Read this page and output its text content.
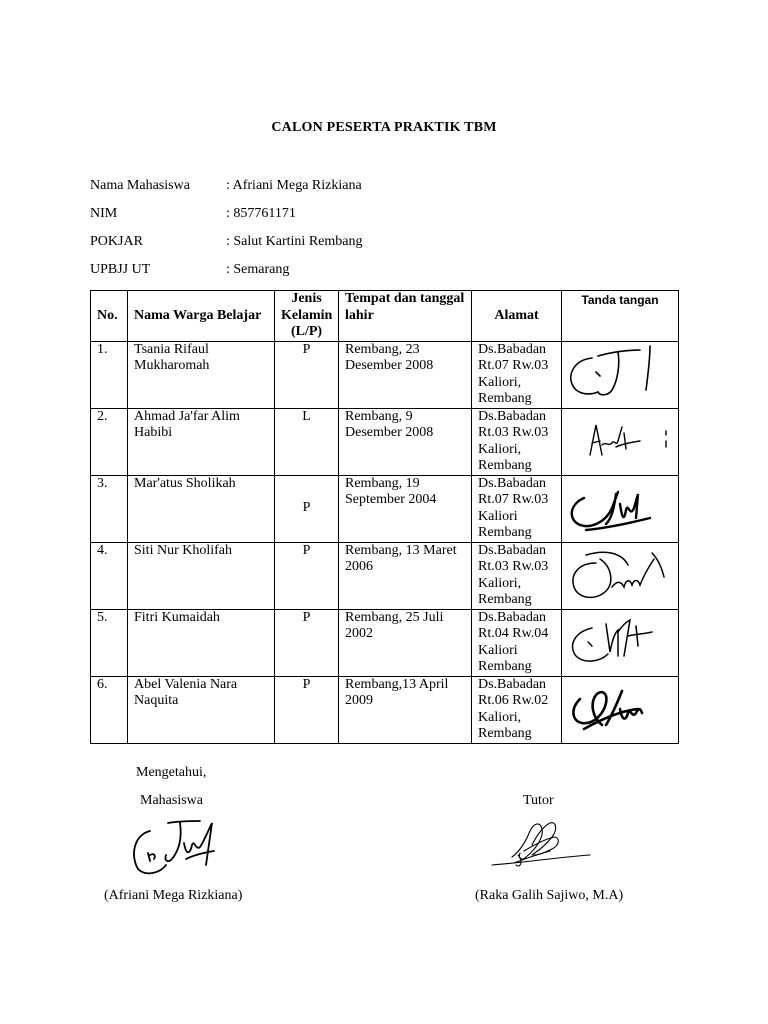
CALON PESERTA PRAKTIK TBM
Nama Mahasiswa	: Afriani Mega Rizkiana
NIM	: 857761171
POKJAR	: Salut Kartini Rembang
UPBJJ UT	: Semarang
No.	Nama Warga Belajar	Jenis Kelamin (L/P)	Tempat dan tanggal lahir	Alamat	Tanda tangan
1.	Tsania Rifaul Mukharomah	P	Rembang, 23 Desember 2008	Ds.Babadan Rt.07 Rw.03 Kaliori, Rembang	

2.	Ahmad Ja'far Alim Habibi	L	Rembang, 9 Desember 2008	Ds.Babadan Rt.03 Rw.03 Kaliori, Rembang	

3.	Mar'atus Sholikah	P	Rembang, 19 September 2004	Ds.Babadan Rt.07 Rw.03 Kaliori Rembang	

4.	Siti Nur Kholifah	P	Rembang, 13 Maret 2006	Ds.Babadan Rt.03 Rw.03 Kaliori, Rembang	

5.	Fitri Kumaidah	P	Rembang, 25 Juli 2002	Ds.Babadan Rt.04 Rw.04 Kaliori Rembang	

6.	Abel Valenia Nara Naquita	P	Rembang,13 April 2009	Ds.Babadan Rt.06 Rw.02 Kaliori, Rembang	
Mengetahui,
Mahasiswa	Tutor
(Afriani Mega Rizkiana)	(Raka Galih Sajiwo, M.A)
